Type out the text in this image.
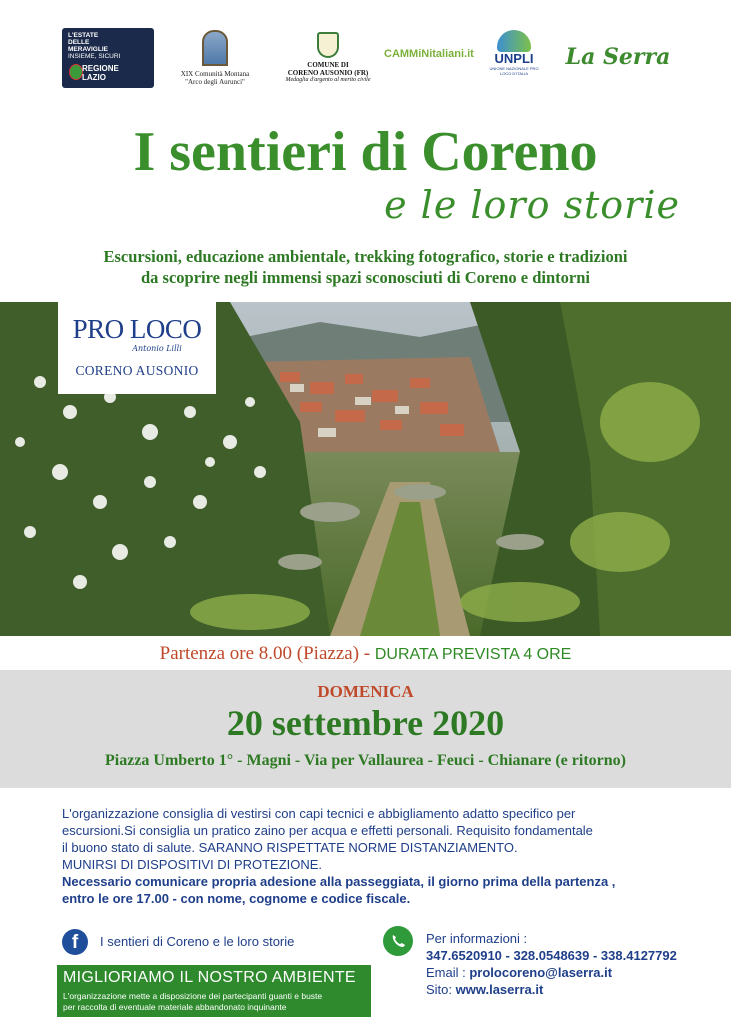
L'ESTATE
DELLE
MERAVIGLIE
INSIEME, SICURI
REGIONE LAZIO	XIX Comunità Montana
"Arco degli Aurunci"
COMUNE DI
CORENO AUSONIO (FR)
Medaglia d'argento al merito civile
CAMMiNitaliani.it	UNPLI
UNIONE NAZIONALE PRO LOCO D'ITALIA
La Serra
I sentieri di Coreno
e le loro storie
Escursioni, educazione ambientale, trekking fotografico, storie e tradizioni
da scoprire negli immensi spazi sconosciuti di Coreno e dintorni
PRO LOCO
Antonio Lilli
CORENO AUSONIO
Partenza ore 8.00 (Piazza) - DURATA PREVISTA 4 ORE
DOMENICA
20 settembre 2020
Piazza Umberto 1° - Magni - Via per Vallaurea - Feuci - Chianare (e ritorno)

L'organizzazione consiglia di vestirsi con capi tecnici e abbigliamento adatto specifico per

escursioni.Si consiglia un pratico zaino per acqua e effetti personali. Requisito fondamentale

il buono stato di salute. SARANNO RISPETTATE NORME DISTANZIAMENTO.

MUNIRSI DI DISPOSITIVI DI PROTEZIONE.

Necessario comunicare propria adesione alla passeggiata, il giorno prima della partenza ,

entro le ore 17.00 - con nome, cognome e codice fiscale.

f	I sentieri di Coreno e le loro storie	Per informazioni :
347.6520910 - 328.0548639 - 338.4127792
Email : prolocoreno@laserra.it
Sito: www.laserra.it
MIGLIORIAMO IL NOSTRO AMBIENTE
L'organizzazione mette a disposizione dei partecipanti guanti e buste
per raccolta di eventuale materiale abbandonato inquinante
